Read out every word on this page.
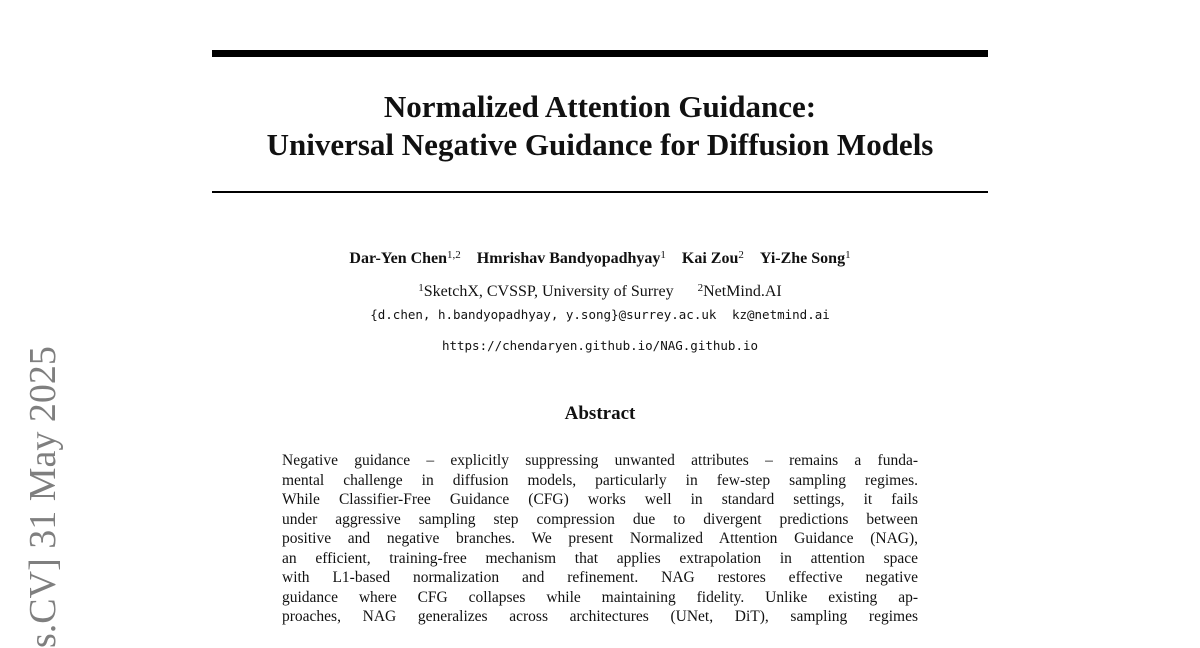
s.CV] 31 May 2025
Normalized Attention Guidance:
Universal Negative Guidance for Diffusion Models
Dar-Yen Chen$^{1,2}$ Hmrishav Bandyopadhyay$^1$ Kai Zou$^2$ Yi-Zhe Song$^1$
$^1$SketchX, CVSSP, University of Surrey $^2$NetMind.AI
{d.chen, h.bandyopadhyay, y.song}@surrey.ac.uk kz@netmind.ai
https://chendaryen.github.io/NAG.github.io
Abstract
Negative guidance – explicitly suppressing unwanted attributes – remains a funda-
mental challenge in diffusion models, particularly in few-step sampling regimes.
While Classifier-Free Guidance (CFG) works well in standard settings, it fails
under aggressive sampling step compression due to divergent predictions between
positive and negative branches. We present Normalized Attention Guidance (NAG),
an efficient, training-free mechanism that applies extrapolation in attention space
with L1-based normalization and refinement. NAG restores effective negative
guidance where CFG collapses while maintaining fidelity. Unlike existing ap-
proaches, NAG generalizes across architectures (UNet, DiT), sampling regimes
